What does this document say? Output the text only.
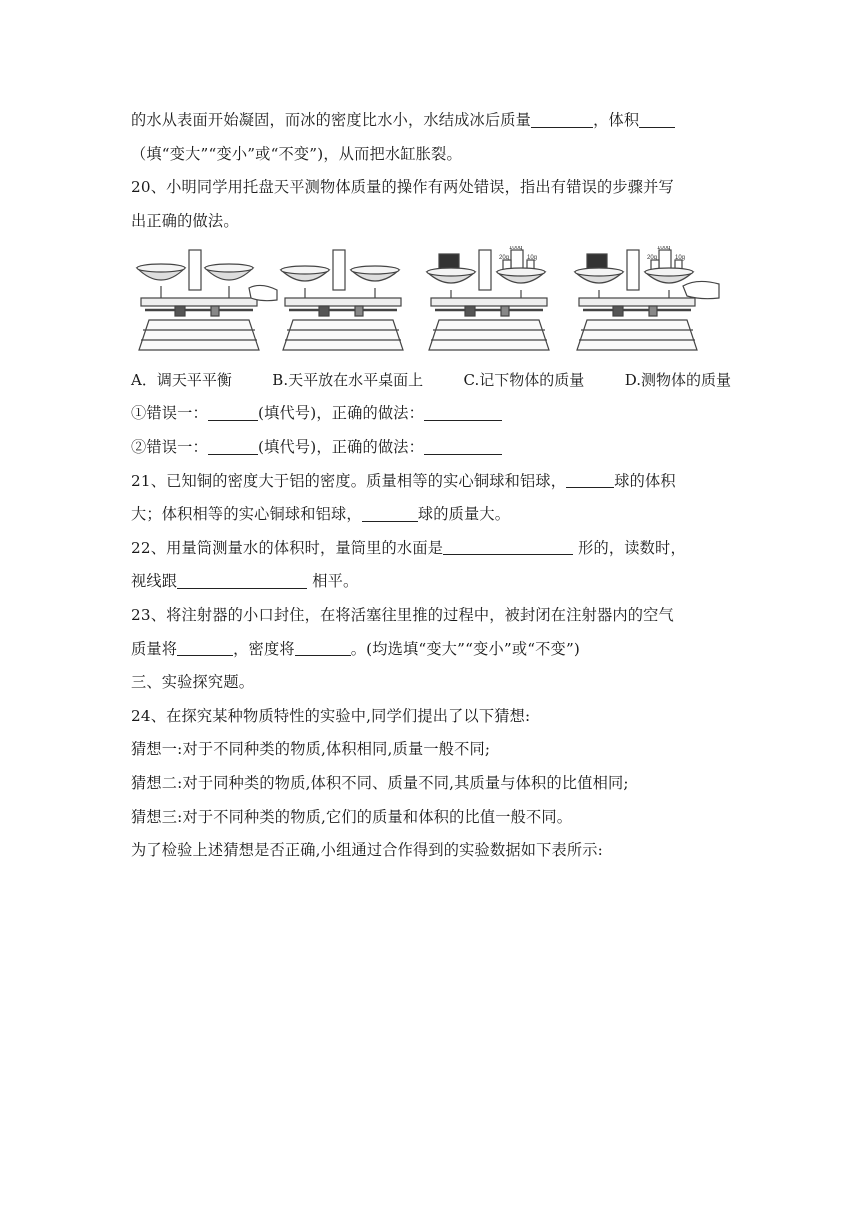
的水从表面开始凝固，而冰的密度比水小，水结成冰后质量	，体积
（填“变大”“变小”或“不变”)，从而把水缸胀裂。
20、小明同学用托盘天平测物体质量的操作有两处错误，指出有错误的步骤并写
出正确的做法。
100g
20g	10g
100g
20g	10g
A．调天平平衡	B.天平放在水平桌面上	C.记下物体的质量	D.测物体的质量
①错误一：	(填代号)，正确的做法：
②错误一：	(填代号)，正确的做法：
21、已知铜的密度大于铝的密度。质量相等的实心铜球和铝球，	球的体积
大；体积相等的实心铜球和铝球，	球的质量大。
22、用量筒测量水的体积时，量筒里的水面是	形的，读数时，
视线跟	相平。
23、将注射器的小口封住，在将活塞往里推的过程中，被封闭在注射器内的空气
质量将	，密度将	。(均选填“变大”“变小”或“不变”)
三、实验探究题。
24、在探究某种物质特性的实验中,同学们提出了以下猜想:
猜想一:对于不同种类的物质,体积相同,质量一般不同;
猜想二:对于同种类的物质,体积不同、质量不同,其质量与体积的比值相同;
猜想三:对于不同种类的物质,它们的质量和体积的比值一般不同。
为了检验上述猜想是否正确,小组通过合作得到的实验数据如下表所示:
